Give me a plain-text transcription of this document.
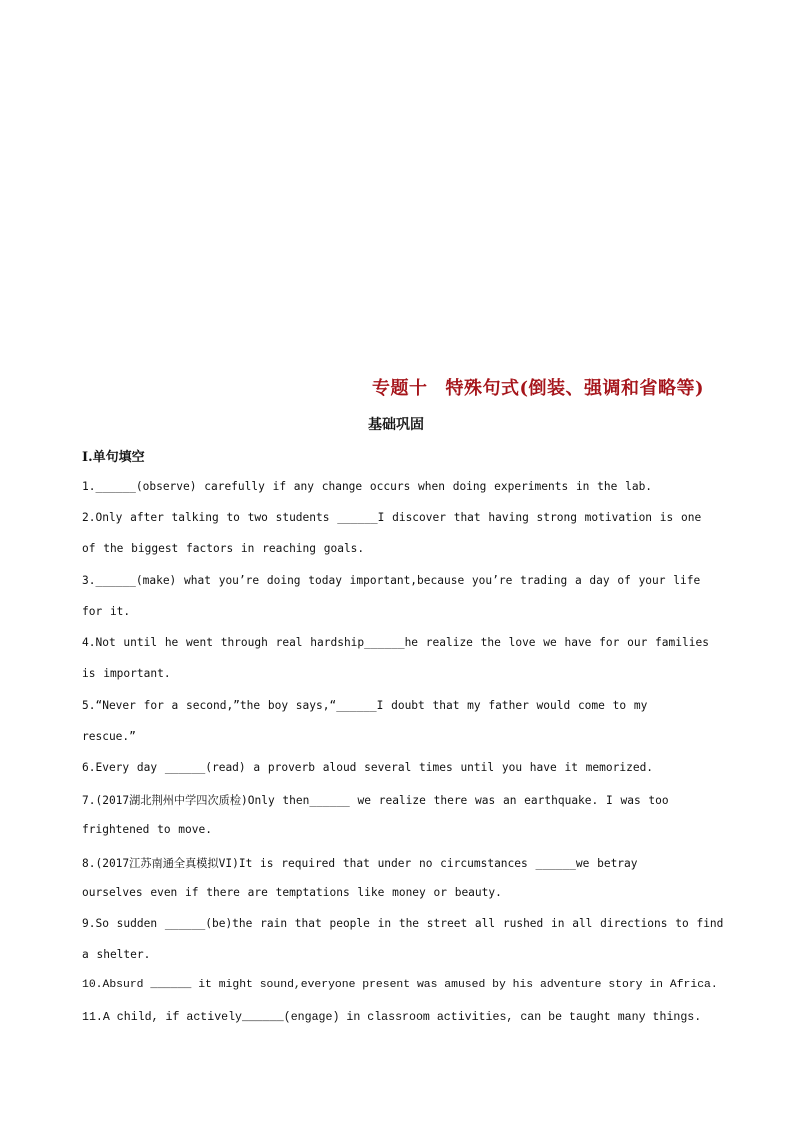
专题十 特殊句式(倒装、强调和省略等)
基础巩固
Ⅰ.单句填空
1.______(observe) carefully if any change occurs when doing experiments in the lab.
2.Only after talking to two students ______I discover that having strong motivation is one
of the biggest factors in reaching goals.
3.______(make) what you’re doing today important,because you’re trading a day of your life
for it.
4.Not until he went through real hardship______he realize the love we have for our families
is important.
5.“Never for a second,”the boy says,“______I doubt that my father would come to my
rescue.”
6.Every day ______(read) a proverb aloud several times until you have it memorized.
7.(2017湖北荆州中学四次质检)Only then______ we realize there was an earthquake. I was too
frightened to move.
8.(2017江苏南通全真模拟VI)It is required that under no circumstances ______we betray
ourselves even if there are temptations like money or beauty.
9.So sudden ______(be)the rain that people in the street all rushed in all directions to find
a shelter.
10.Absurd ______ it might sound,everyone present was amused by his adventure story in Africa.
11.A child, if actively______(engage) in classroom activities, can be taught many things.
